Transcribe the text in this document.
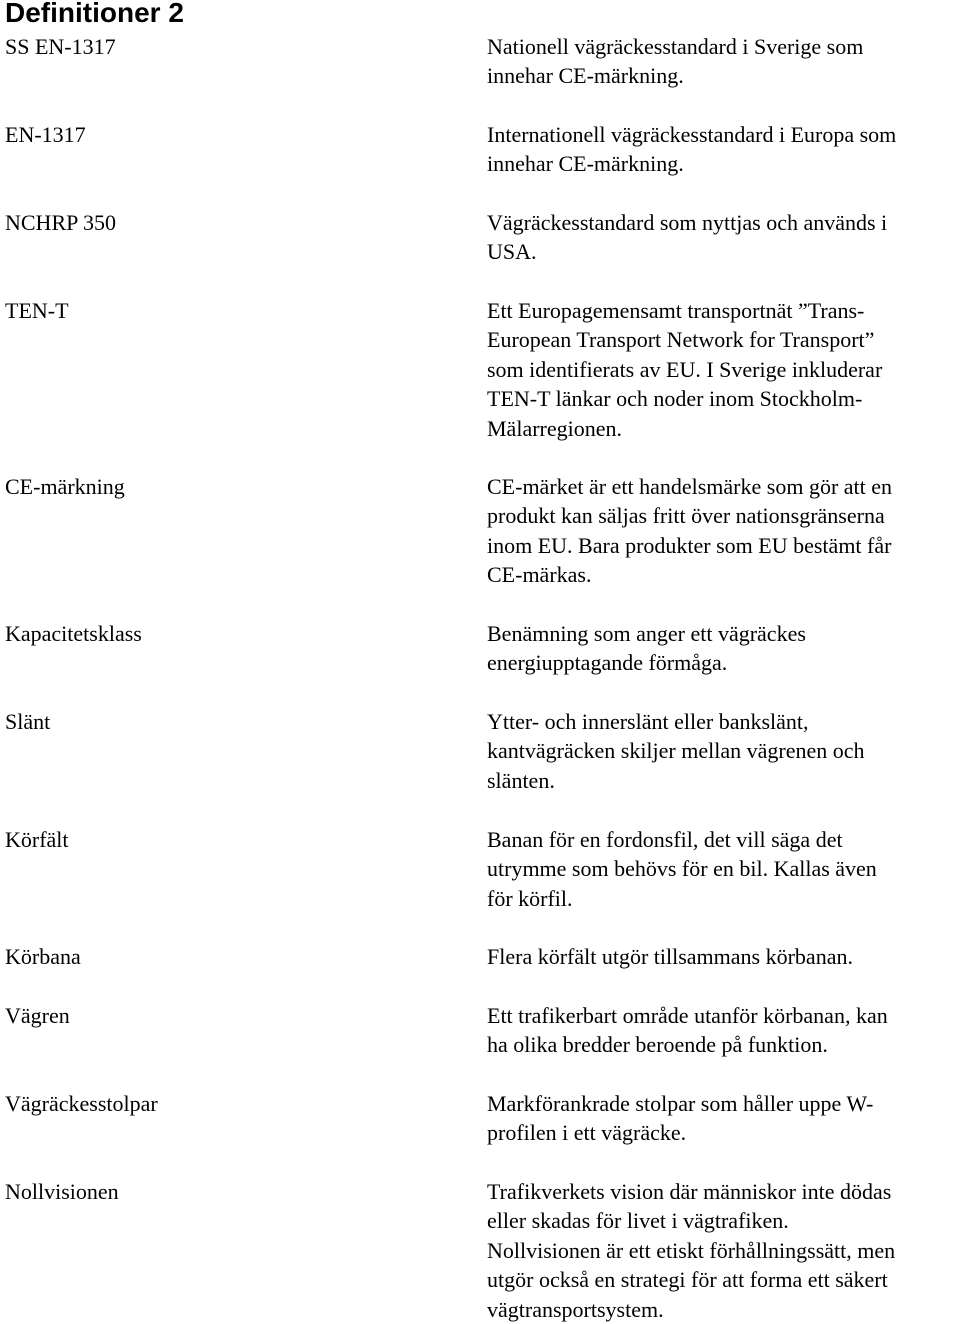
Definitioner 2
SS EN-1317	Nationell vägräckesstandard i Sverige som
innehar CE-märkning.
EN-1317	Internationell vägräckesstandard i Europa som
innehar CE-märkning.
NCHRP 350	Vägräckesstandard som nyttjas och används i
USA.
TEN-T	Ett Europagemensamt transportnät ”Trans-
European Transport Network for Transport”
som identifierats av EU. I Sverige inkluderar
TEN-T länkar och noder inom Stockholm-
Mälarregionen.
CE-märkning	CE-märket är ett handelsmärke som gör att en
produkt kan säljas fritt över nationsgränserna
inom EU. Bara produkter som EU bestämt får
CE-märkas.
Kapacitetsklass	Benämning som anger ett vägräckes
energiupptagande förmåga.
Slänt	Ytter- och innerslänt eller bankslänt,
kantvägräcken skiljer mellan vägrenen och
slänten.
Körfält	Banan för en fordonsfil, det vill säga det
utrymme som behövs för en bil. Kallas även
för körfil.
Körbana	Flera körfält utgör tillsammans körbanan.
Vägren	Ett trafikerbart område utanför körbanan, kan
ha olika bredder beroende på funktion.
Vägräckesstolpar	Markförankrade stolpar som håller uppe W-
profilen i ett vägräcke.
Nollvisionen	Trafikverkets vision där människor inte dödas
eller skadas för livet i vägtrafiken.
Nollvisionen är ett etiskt förhållningssätt, men
utgör också en strategi för att forma ett säkert
vägtransportsystem.
